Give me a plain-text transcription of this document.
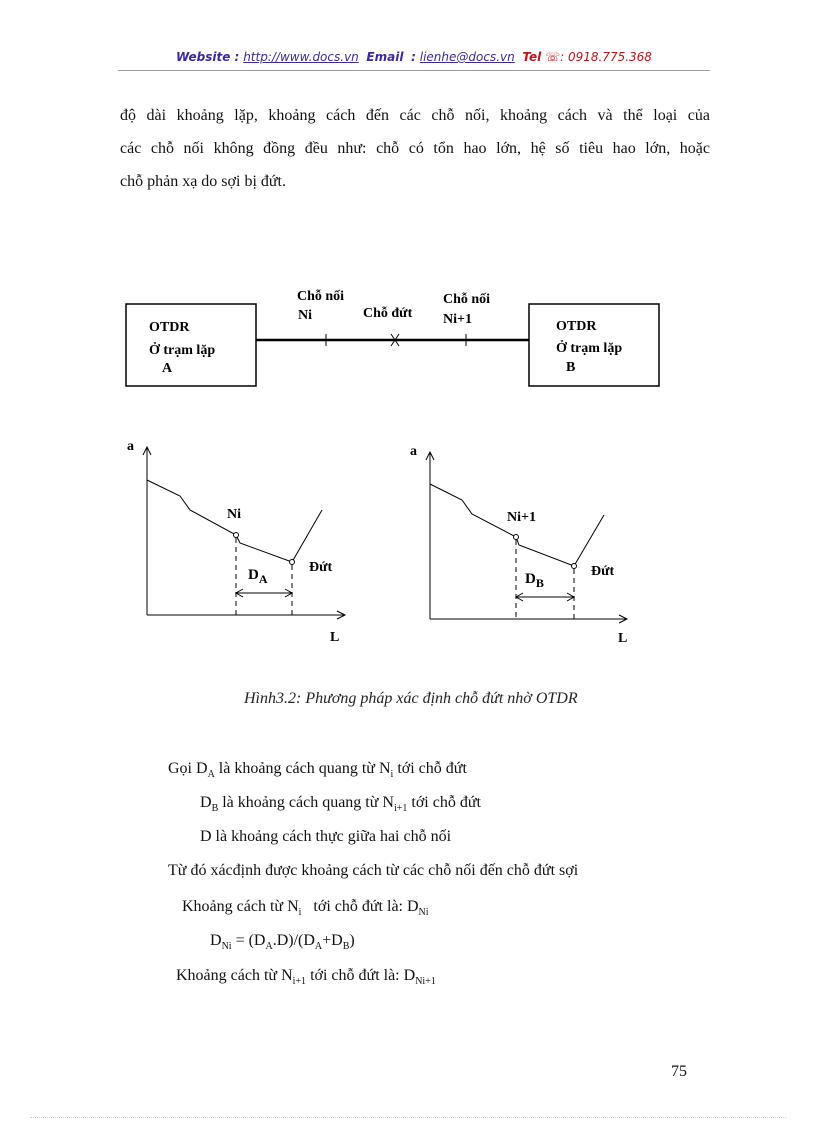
Website : http://www.docs.vn Email : lienhe@docs.vn Tel ☏: 0918.775.368
độ dài khoảng lặp, khoảng cách đến các chỗ nối, khoảng cách và thể loại của
các chỗ nối không đồng đều như: chỗ có tổn hao lớn, hệ số tiêu hao lớn, hoặc
chỗ phản xạ do sợi bị đứt.
OTDR
Ở trạm lặp
A
OTDR
Ở trạm lặp
B
Chỗ nối
Ni	Chỗ đứt
Chỗ nối
Ni+1
a
L
Ni
Đứt
$D_A$
a
L
Ni+1
Đứt
$D_B$
Hình3.2: Phương pháp xác định chỗ đứt nhờ OTDR
Gọi $D_A$ là khoảng cách quang từ $N_i$ tới chỗ đứt
$D_B$ là khoảng cách quang từ $N_{i+1}$ tới chỗ đứt
D là khoảng cách thực giữa hai chỗ nối
Từ đó xácđịnh được khoảng cách từ các chỗ nối đến chỗ đứt sợi
Khoảng cách từ $N_i$   tới chỗ đứt là: $D_{Ni}$
$D_{Ni} = (D_A.D)/(D_A+D_B)$
Khoảng cách từ $N_{i+1}$ tới chỗ đứt là: $D_{Ni+1}$
75
